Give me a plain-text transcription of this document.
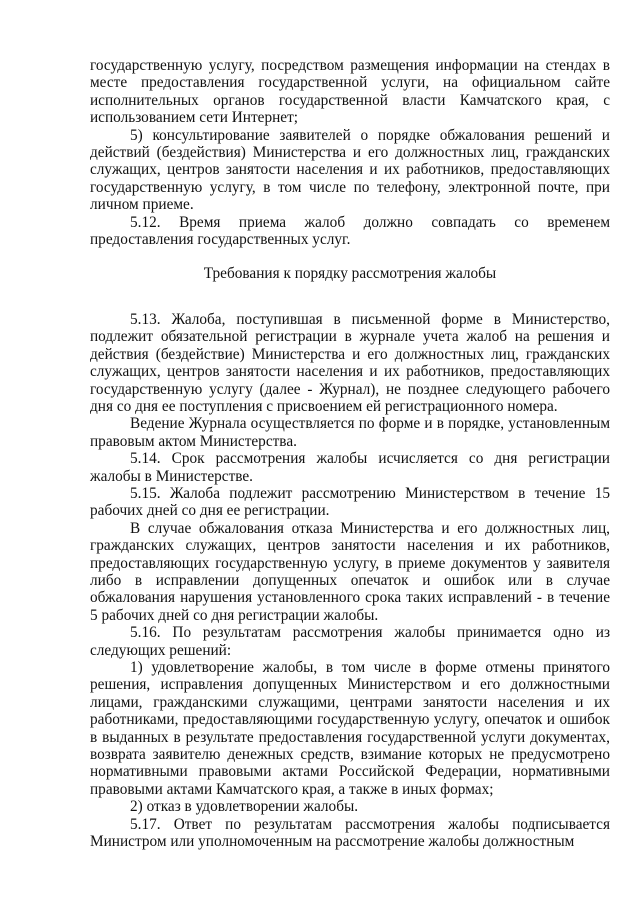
государственную услугу, посредством размещения информации на стендах в месте предоставления государственной услуги, на официальном сайте исполнительных органов государственной власти Камчатского края, с использованием сети Интернет;

5) консультирование заявителей о порядке обжалования решений и действий (бездействия) Министерства и его должностных лиц, гражданских служащих, центров занятости населения и их работников, предоставляющих государственную услугу, в том числе по телефону, электронной почте, при личном приеме.

5.12. Время приема жалоб должно совпадать со временем предоставления государственных услуг.

Требования к порядку рассмотрения жалобы

5.13. Жалоба, поступившая в письменной форме в Министерство, подлежит обязательной регистрации в журнале учета жалоб на решения и действия (бездействие) Министерства и его должностных лиц, гражданских служащих, центров занятости населения и их работников, предоставляющих государственную услугу (далее - Журнал), не позднее следующего рабочего дня со дня ее поступления с присвоением ей регистрационного номера.

Ведение Журнала осуществляется по форме и в порядке, установленным правовым актом Министерства.

5.14. Срок рассмотрения жалобы исчисляется со дня регистрации жалобы в Министерстве.

5.15. Жалоба подлежит рассмотрению Министерством в течение 15 рабочих дней со дня ее регистрации.

В случае обжалования отказа Министерства и его должностных лиц, гражданских служащих, центров занятости населения и их работников, предоставляющих государственную услугу, в приеме документов у заявителя либо в исправлении допущенных опечаток и ошибок или в случае обжалования нарушения установленного срока таких исправлений - в течение 5 рабочих дней со дня регистрации жалобы.

5.16. По результатам рассмотрения жалобы принимается одно из следующих решений:

1) удовлетворение жалобы, в том числе в форме отмены принятого решения, исправления допущенных Министерством и его должностными лицами, гражданскими служащими, центрами занятости населения и их работниками, предоставляющими государственную услугу, опечаток и ошибок в выданных в результате предоставления государственной услуги документах, возврата заявителю денежных средств, взимание которых не предусмотрено нормативными правовыми актами Российской Федерации, нормативными правовыми актами Камчатского края, а также в иных формах;

2) отказ в удовлетворении жалобы.

5.17. Ответ по результатам рассмотрения жалобы подписывается Министром или уполномоченным на рассмотрение жалобы должностным
